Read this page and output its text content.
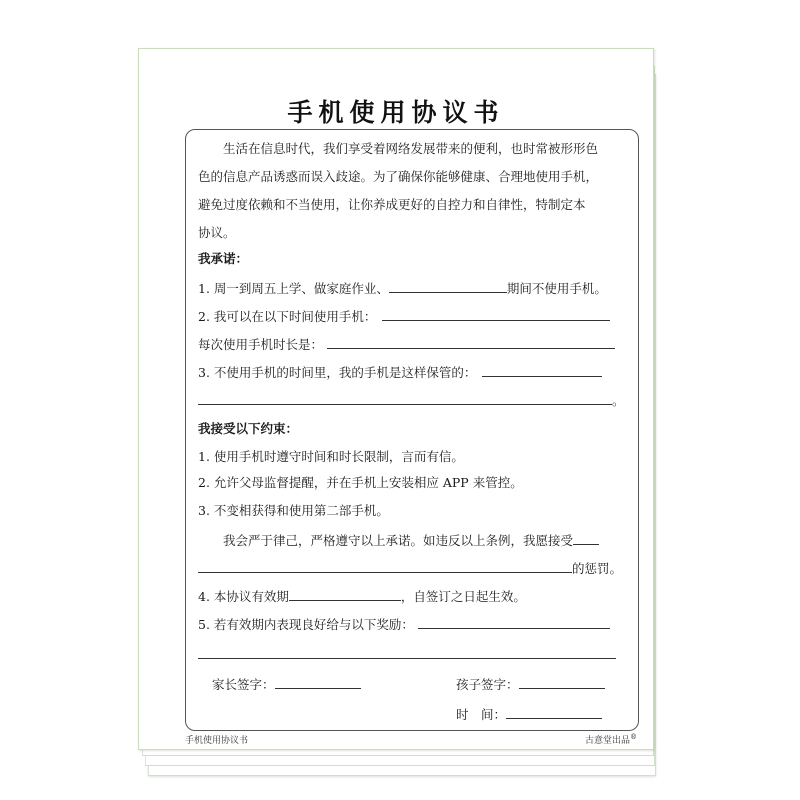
手机使用协议书
　　生活在信息时代，我们享受着网络发展带来的便利，也时常被形形色
色的信息产品诱惑而误入歧途。为了确保你能够健康、合理地使用手机，
避免过度依赖和不当使用，让你养成更好的自控力和自律性，特制定本
协议。
我承诺：
1. 周一到周五上学、做家庭作业、	期间不使用手机。
2. 我可以在以下时间使用手机：
每次使用手机时长是：
3. 不使用手机的时间里，我的手机是这样保管的：
。
我接受以下约束：
1. 使用手机时遵守时间和时长限制，言而有信。
2. 允许父母监督提醒，并在手机上安装相应 APP 来管控。
3. 不变相获得和使用第二部手机。
　　我会严于律己，严格遵守以上承诺。如违反以上条例，我愿接受
的惩罚。
4. 本协议有效期	，自签订之日起生效。
5. 若有效期内表现良好给与以下奖励：
家长签字：	孩子签字：
时　间：
手机使用协议书	古意堂出品®
